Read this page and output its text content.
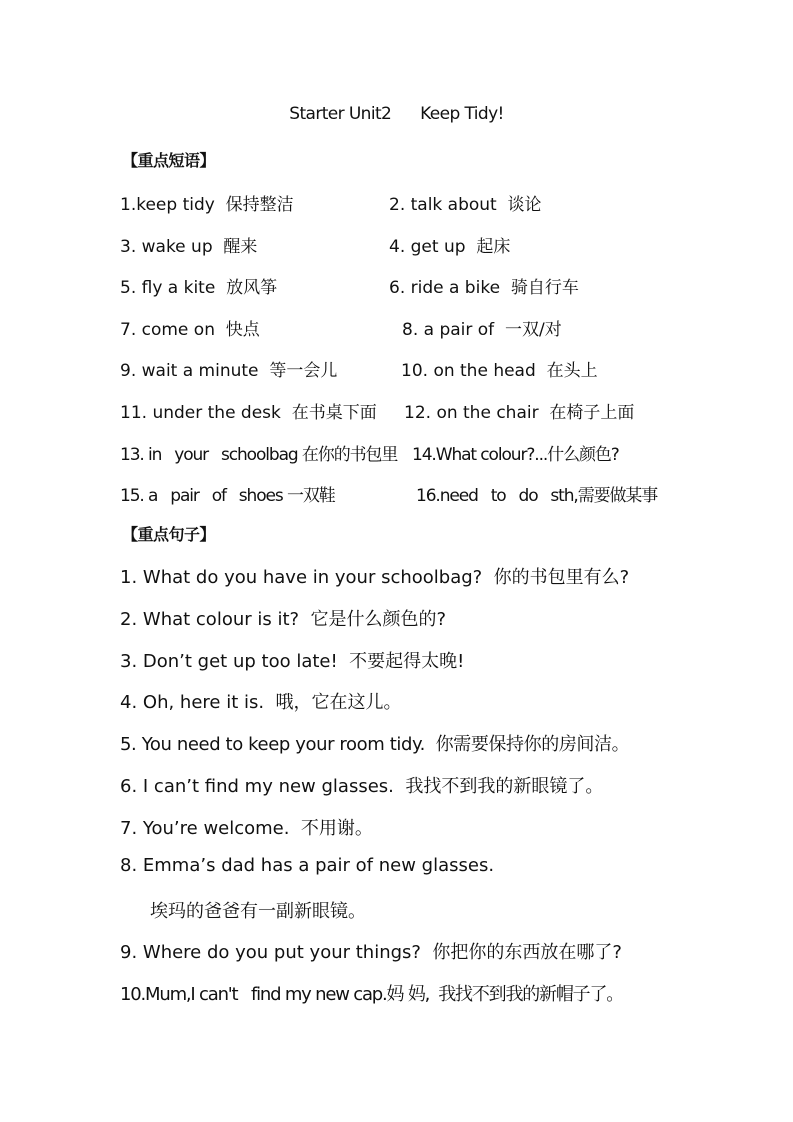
Starter Unit2      Keep Tidy!
【重点短语】
1.keep tidy  保持整洁	2. talk about  谈论
3. wake up  醒来	4. get up  起床
5. fly a kite  放风筝	6. ride a bike  骑自行车
7. come on  快点	8. a pair of  一双/对
9. wait a minute  等一会儿	10. on the head  在头上
11. under the desk  在书桌下面 12. on the chair  在椅子上面
13. in   your   schoolbag 在你的书包里 14.What colour?...什么颜色?
15. a   pair   of   shoes 一双鞋	16.need   to   do   sth,需要做某事
【重点句子】
1. What do you have in your schoolbag?  你的书包里有么?
2. What colour is it?  它是什么颜色的?
3. Don’t get up too late!  不要起得太晚!
4. Oh, here it is.  哦，它在这儿。
5. You need to keep your room tidy.  你需要保持你的房间洁。
6. I can’t find my new glasses.  我找不到我的新眼镜了。
7. You’re welcome.  不用谢。
8. Emma’s dad has a pair of new glasses.
埃玛的爸爸有一副新眼镜。
9. Where do you put your things?  你把你的东西放在哪了?
10.Mum,I can't   find my new cap.妈 妈,  我找不到我的新帽子了。
